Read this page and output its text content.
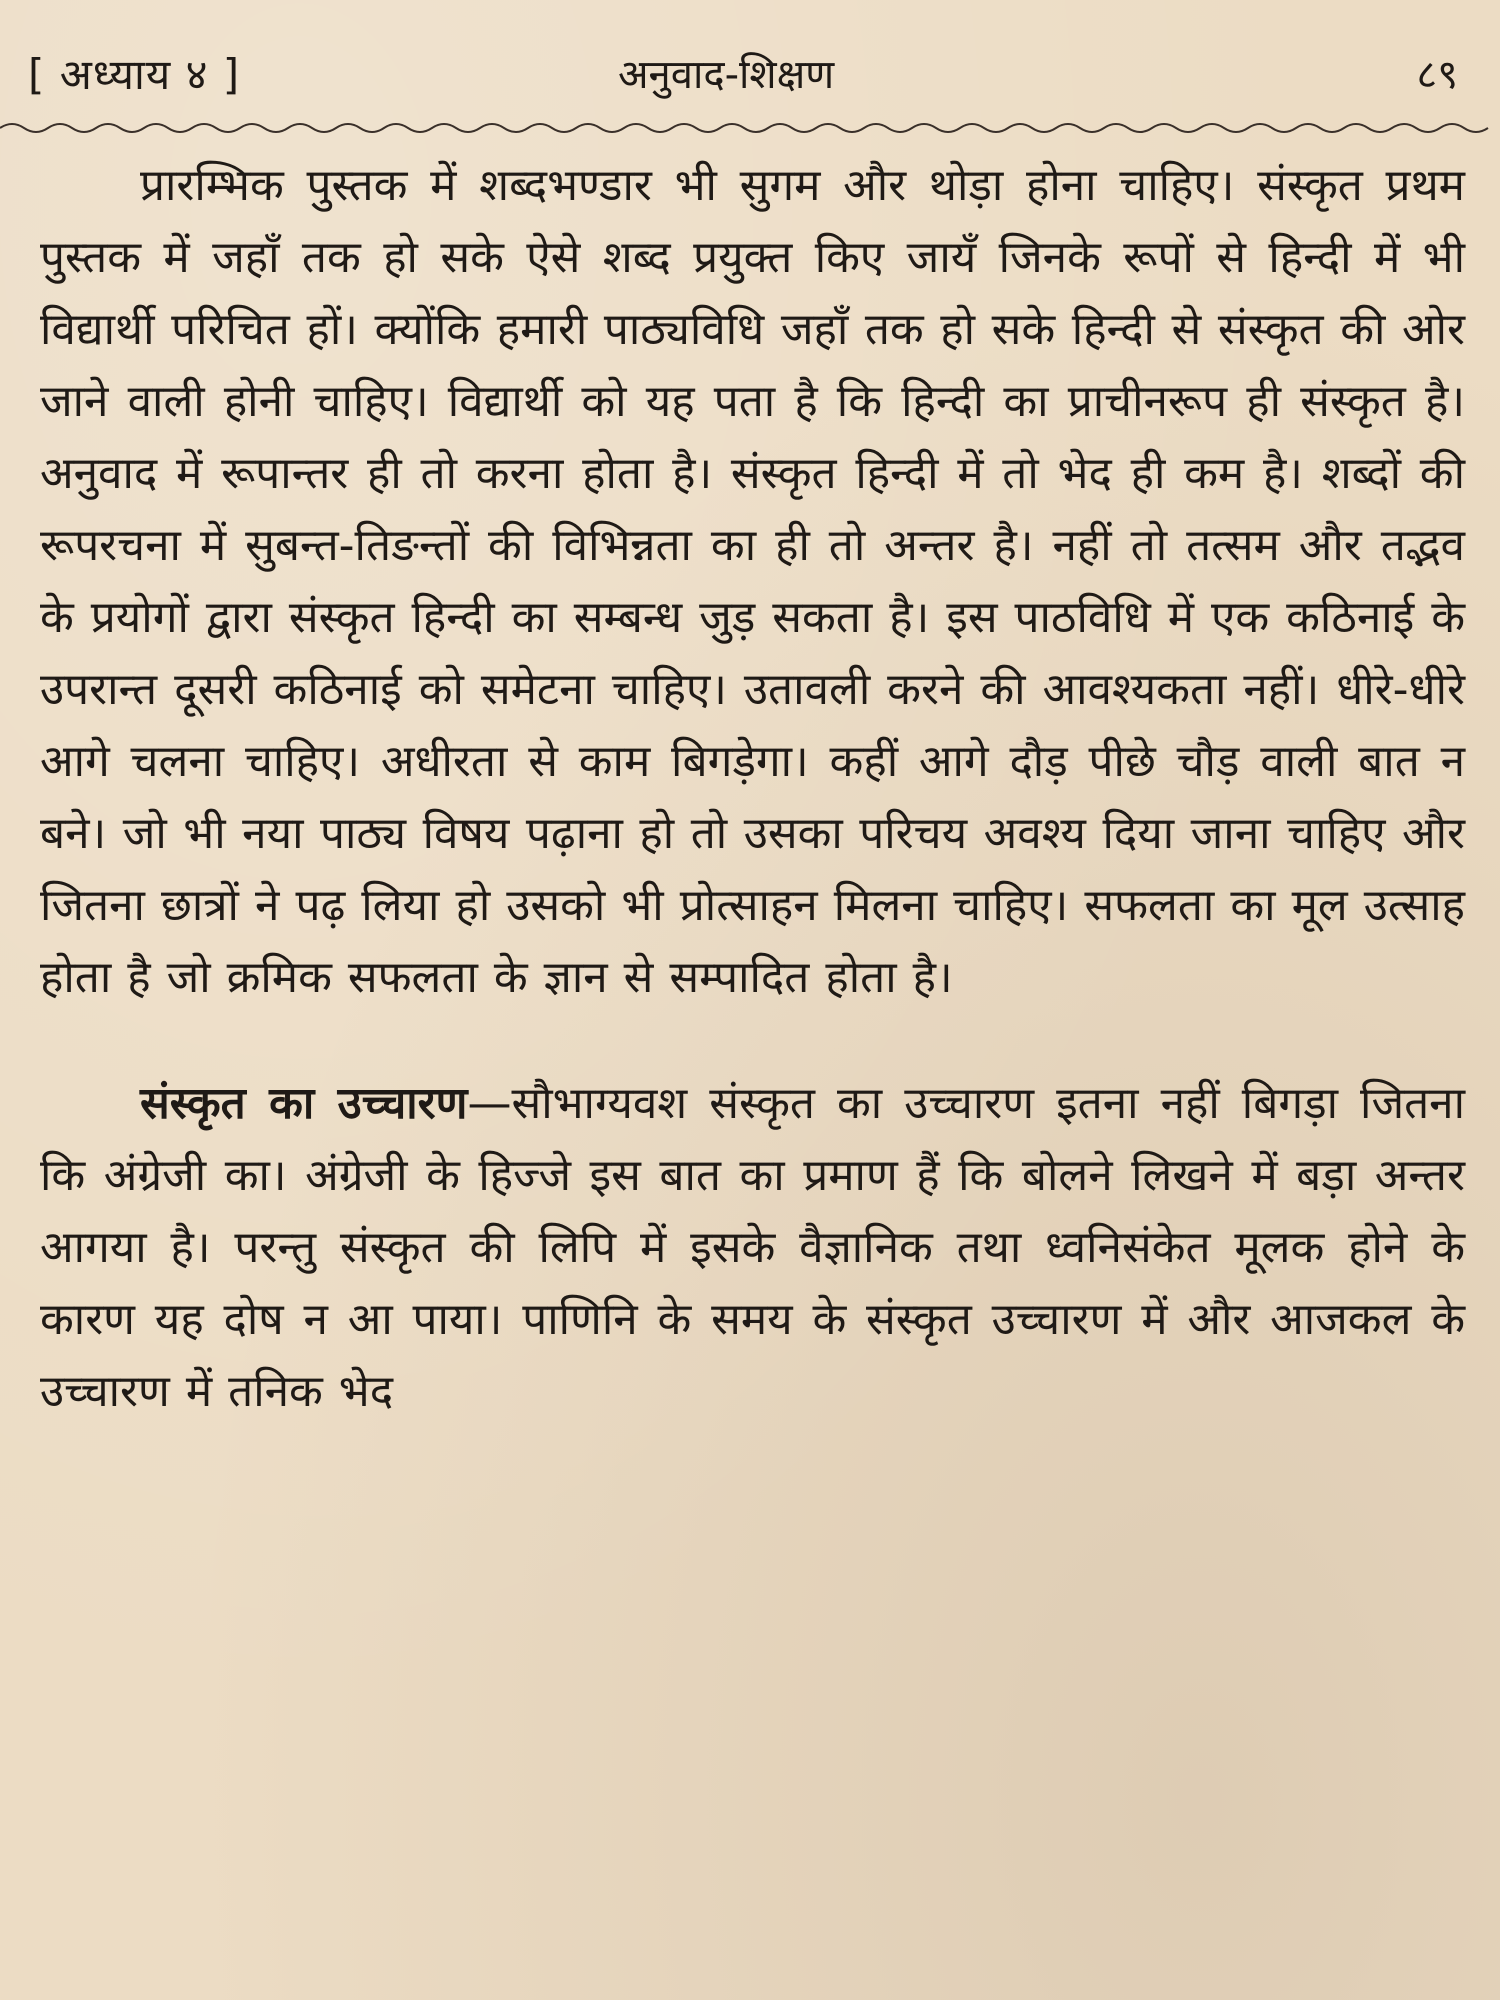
[ अध्याय ४ ]	अनुवाद-शिक्षण	८९

प्रारम्भिक पुस्तक में शब्दभण्डार भी सुगम और थोड़ा होना चाहिए। संस्कृत प्रथम पुस्तक में जहाँ तक हो सके ऐसे शब्द प्रयुक्त किए जायँ जिनके रूपों से हिन्दी में भी विद्यार्थी परिचित हों। क्योंकि हमारी पाठ्यविधि जहाँ तक हो सके हिन्दी से संस्कृत की ओर जाने वाली होनी चाहिए। विद्यार्थी को यह पता है कि हिन्दी का प्राचीनरूप ही संस्कृत है। अनुवाद में रूपान्तर ही तो करना होता है। संस्कृत हिन्दी में तो भेद ही कम है। शब्दों की रूपरचना में सुबन्त-तिङन्तों की विभिन्नता का ही तो अन्तर है। नहीं तो तत्सम और तद्भव के प्रयोगों द्वारा संस्कृत हिन्दी का सम्बन्ध जुड़ सकता है। इस पाठविधि में एक कठिनाई के उपरान्त दूसरी कठिनाई को समेटना चाहिए। उतावली करने की आवश्यकता नहीं। धीरे-धीरे आगे चलना चाहिए। अधीरता से काम बिगड़ेगा। कहीं आगे दौड़ पीछे चौड़ वाली बात न बने। जो भी नया पाठ्य विषय पढ़ाना हो तो उसका परिचय अवश्य दिया जाना चाहिए और जितना छात्रों ने पढ़ लिया हो उसको भी प्रोत्साहन मिलना चाहिए। सफलता का मूल उत्साह होता है जो क्रमिक सफलता के ज्ञान से सम्पादित होता है।

संस्कृत का उच्चारण—सौभाग्यवश संस्कृत का उच्चारण इतना नहीं बिगड़ा जितना कि अंग्रेजी का। अंग्रेजी के हिज्जे इस बात का प्रमाण हैं कि बोलने लिखने में बड़ा अन्तर आगया है। परन्तु संस्कृत की लिपि में इसके वैज्ञानिक तथा ध्वनिसंकेत मूलक होने के कारण यह दोष न आ पाया। पाणिनि के समय के संस्कृत उच्चारण में और आजकल के उच्चारण में तनिक भेद
